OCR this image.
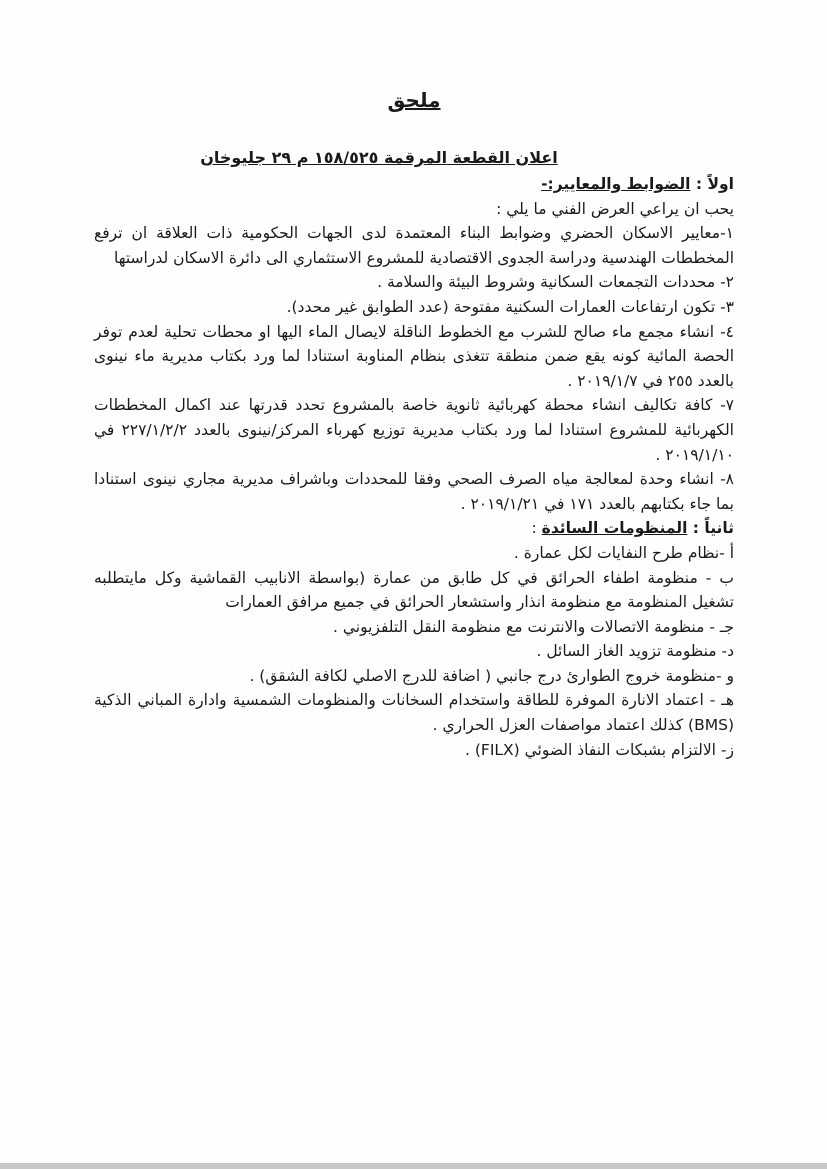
ملحق

اعلان القطعة المرقمة ١٥٨/٥٢٥ م ٢٩ جليوخان

اولاً : الضوابط والمعايير:-

يحب ان يراعي العرض الفني ما يلي :

١-معايير الاسكان الحضري وضوابط البناء المعتمدة لدى الجهات الحكومية ذات العلاقة ان ترفع المخططات الهندسية ودراسة الجدوى الاقتصادية للمشروع الاستثماري الى دائرة الاسكان لدراستها

٢- محددات التجمعات السكانية وشروط البيئة والسلامة .

٣- تكون ارتفاعات العمارات السكنية مفتوحة (عدد الطوابق غير محدد).

٤- انشاء مجمع ماء صالح للشرب مع الخطوط الناقلة لايصال الماء اليها او محطات تحلية لعدم توفر الحصة المائية كونه يقع ضمن منطقة تتغذى بنظام المناوبة استنادا لما ورد بكتاب مديرية ماء نينوى بالعدد ٢٥٥ في ٢٠١٩/١/٧ .

٧- كافة تكاليف انشاء محطة كهربائية ثانوية خاصة بالمشروع تحدد قدرتها عند اكمال المخططات الكهربائية للمشروع استنادا لما ورد بكتاب مديرية توزيع كهرباء المركز/نينوى بالعدد ٢٢٧/١/٢/٢ في ٢٠١٩/١/١٠ .

٨- انشاء وحدة لمعالجة مياه الصرف الصحي وفقا للمحددات وباشراف مديرية مجاري نينوى استنادا بما جاء بكتابهم بالعدد ١٧١ في ٢٠١٩/١/٢١ .

ثانياً : المنظومات السائدة :

أ -نظام طرح النفايات لكل عمارة .

ب - منظومة اطفاء الحرائق في كل طابق من عمارة (بواسطة الانابيب القماشية وكل مايتطلبه تشغيل المنظومة مع منظومة انذار واستشعار الحرائق في جميع مرافق العمارات

جـ - منظومة الاتصالات والانترنت مع منظومة النقل التلفزيوني .

د- منظومة تزويد الغاز السائل .

و -منظومة خروج الطوارئ درج جانبي ( اضافة للدرج الاصلي لكافة الشقق) .

هـ - اعتماد الانارة الموفرة للطاقة واستخدام السخانات والمنظومات الشمسية وادارة المباني الذكية (BMS) كذلك اعتماد مواصفات العزل الحراري .

ز- الالتزام بشبكات النفاذ الضوئي (FILX) .
